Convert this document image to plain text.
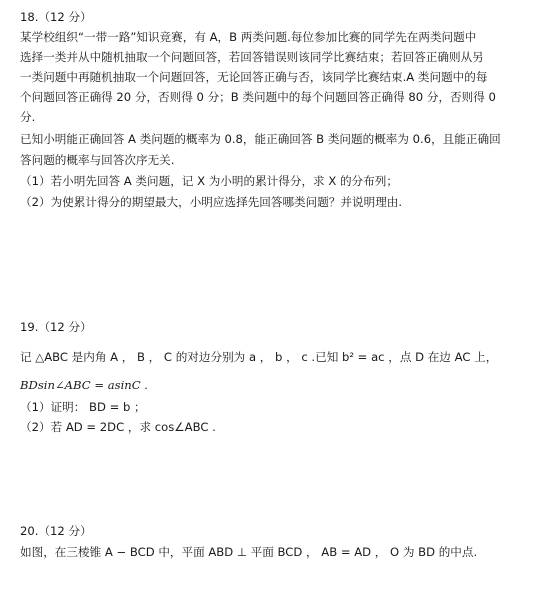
18.（12 分）
某学校组织“一带一路”知识竞赛，有 A，B 两类问题.每位参加比赛的同学先在两类问题中
选择一类并从中随机抽取一个问题回答，若回答错误则该同学比赛结束；若回答正确则从另
一类问题中再随机抽取一个问题回答，无论回答正确与否，该同学比赛结束.A 类问题中的每
个问题回答正确得 20 分，否则得 0 分；B 类问题中的每个问题回答正确得 80 分，否则得 0
分.
已知小明能正确回答 A 类问题的概率为 0.8，能正确回答 B 类问题的概率为 0.6，且能正确回
答问题的概率与回答次序无关.
（1）若小明先回答 A 类问题，记 X 为小明的累计得分，求 X 的分布列；
（2）为使累计得分的期望最大，小明应选择先回答哪类问题？并说明理由.
19.（12 分）
记 △ABC 是内角 A ， B ， C 的对边分别为 a ， b ， c .已知 b² = ac ，点 D 在边 AC 上，
BDsin∠ABC = asinC .
（1）证明： BD = b ；
（2）若 AD = 2DC ，求 cos∠ABC .
20.（12 分）
如图，在三棱锥 A − BCD 中，平面 ABD ⊥ 平面 BCD ， AB = AD ， O 为 BD 的中点.
